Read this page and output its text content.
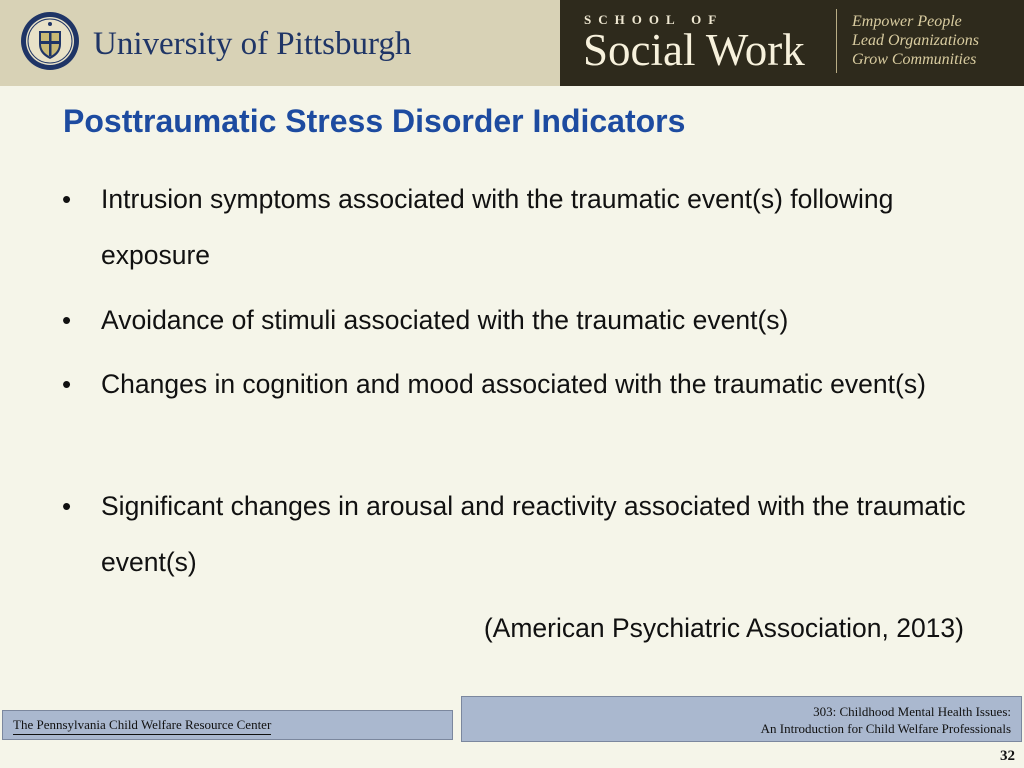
University of Pittsburgh
SCHOOL OF
Social Work
Empower People
Lead Organizations
Grow Communities
Posttraumatic Stress Disorder Indicators
• Intrusion symptoms associated with the traumatic event(s) following exposure
• Avoidance of stimuli associated with the traumatic event(s)
• Changes in cognition and mood associated with the traumatic event(s)
• Significant changes in arousal and reactivity associated with the traumatic event(s)
(American Psychiatric Association, 2013)
The Pennsylvania Child Welfare Resource Center
303: Childhood Mental Health Issues:
An Introduction for Child Welfare Professionals
32
